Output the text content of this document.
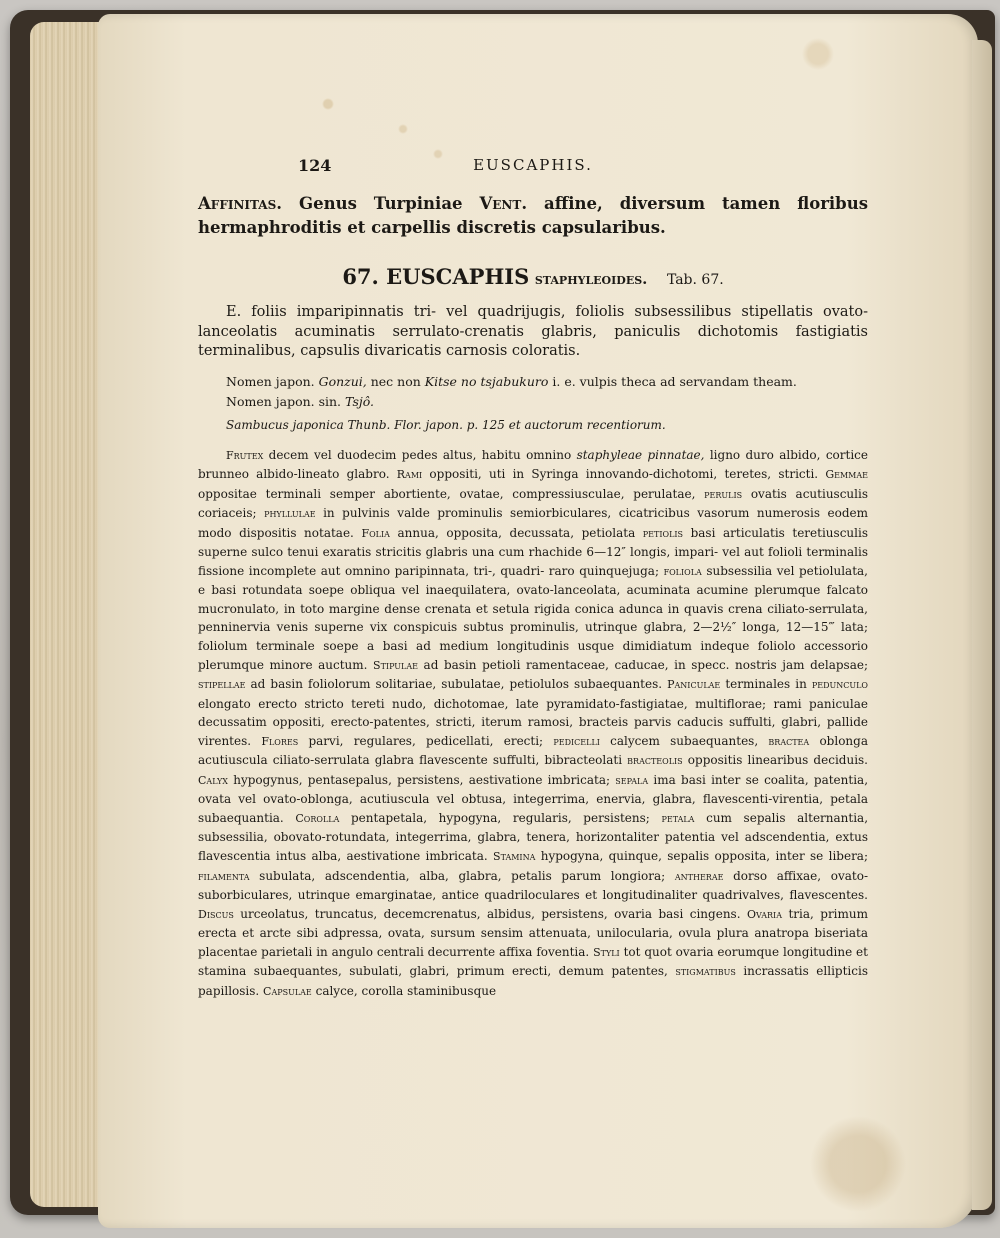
124	EUSCAPHIS.

Affinitas. Genus Turpiniae Vent. affine, diversum tamen floribus hermaphroditis et carpellis discretis capsularibus.

67. EUSCAPHIS staphyleoides. Tab. 67.

E. foliis imparipinnatis tri- vel quadrijugis, foliolis subsessilibus stipellatis ovato-lanceolatis acuminatis serrulato-crenatis glabris, paniculis dichotomis fastigiatis terminalibus, capsulis divaricatis carnosis coloratis.

Nomen japon. Gonzui, nec non Kitse no tsjabukuro i. e. vulpis theca ad servandam theam.
Nomen japon. sin. Tsjô.

Sambucus japonica Thunb. Flor. japon. p. 125 et auctorum recentiorum.

Frutex decem vel duodecim pedes altus, habitu omnino staphyleae pinnatae, ligno duro albido, cortice brunneo albido-lineato glabro. Rami oppositi, uti in Syringa innovando-dichotomi, teretes, stricti. Gemmae oppositae terminali semper abortiente, ovatae, compressiusculae, perulatae, perulis ovatis acutiusculis coriaceis; phyllulae in pulvinis valde prominulis semiorbiculares, cicatricibus vasorum numerosis eodem modo dispositis notatae. Folia annua, opposita, decussata, petiolata petiolis basi articulatis teretiusculis superne sulco tenui exaratis stricitis glabris una cum rhachide 6—12″ longis, impari- vel aut folioli terminalis fissione incomplete aut omnino paripinnata, tri-, quadri- raro quinquejuga; foliola subsessilia vel petiolulata, e basi rotundata soepe obliqua vel inaequilatera, ovato-lanceolata, acuminata acumine plerumque falcato mucronulato, in toto margine dense crenata et setula rigida conica adunca in quavis crena ciliato-serrulata, penninervia venis superne vix conspicuis subtus prominulis, utrinque glabra, 2—2½″ longa, 12—15‴ lata; foliolum terminale soepe a basi ad medium longitudinis usque dimidiatum indeque foliolo accessorio plerumque minore auctum. Stipulae ad basin petioli ramentaceae, caducae, in specc. nostris jam delapsae; stipellae ad basin foliolorum solitariae, subulatae, petiolulos subaequantes. Paniculae terminales in pedunculo elongato erecto stricto tereti nudo, dichotomae, late pyramidato-fastigiatae, multiflorae; rami paniculae decussatim oppositi, erecto-patentes, stricti, iterum ramosi, bracteis parvis caducis suffulti, glabri, pallide virentes. Flores parvi, regulares, pedicellati, erecti; pedicelli calycem subaequantes, bractea oblonga acutiuscula ciliato-serrulata glabra flavescente suffulti, bibracteolati bracteolis oppositis linearibus deciduis. Calyx hypogynus, pentasepalus, persistens, aestivatione imbricata; sepala ima basi inter se coalita, patentia, ovata vel ovato-oblonga, acutiuscula vel obtusa, integerrima, enervia, glabra, flavescenti-virentia, petala subaequantia. Corolla pentapetala, hypogyna, regularis, persistens; petala cum sepalis alternantia, subsessilia, obovato-rotundata, integerrima, glabra, tenera, horizontaliter patentia vel adscendentia, extus flavescentia intus alba, aestivatione imbricata. Stamina hypogyna, quinque, sepalis opposita, inter se libera; filamenta subulata, adscendentia, alba, glabra, petalis parum longiora; antherae dorso affixae, ovato-suborbiculares, utrinque emarginatae, antice quadriloculares et longitudinaliter quadrivalves, flavescentes. Discus urceolatus, truncatus, decemcrenatus, albidus, persistens, ovaria basi cingens. Ovaria tria, primum erecta et arcte sibi adpressa, ovata, sursum sensim attenuata, unilocularia, ovula plura anatropa biseriata placentae parietali in angulo centrali decurrente affixa foventia. Styli tot quot ovaria eorumque longitudine et stamina subaequantes, subulati, glabri, primum erecti, demum patentes, stigmatibus incrassatis ellipticis papillosis. Capsulae calyce, corolla staminibusque
